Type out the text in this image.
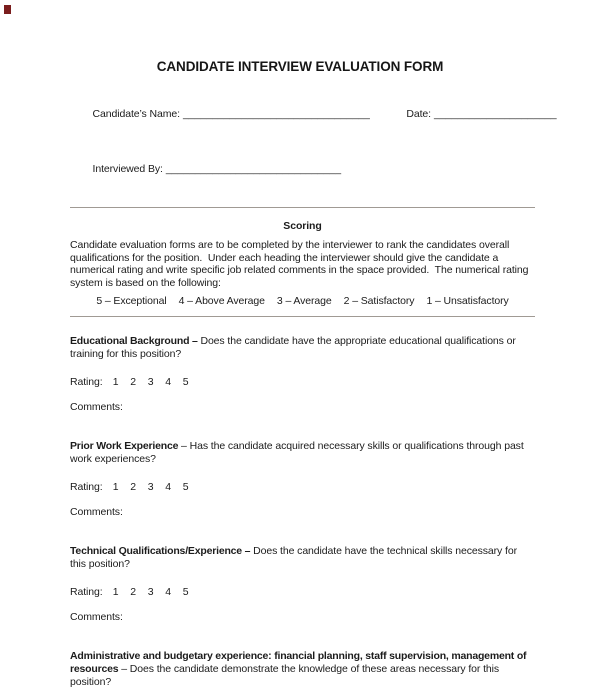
CANDIDATE INTERVIEW EVALUATION FORM

Candidate’s Name: ________________________________
	Date: _____________________

Interviewed By: ______________________________

Scoring

Candidate evaluation forms are to be completed by the interviewer to rank the candidates overall qualifications for the position.  Under each heading the interviewer should give the candidate a numerical rating and write specific job related comments in the space provided.  The numerical rating system is based on the following:

5 – Exceptional 4 – Above Average 3 – Average 2 – Satisfactory 1 – Unsatisfactory

Educational Background – Does the candidate have the appropriate educational qualifications or training for this position?

Rating: 1 2 3 4 5
Comments:

Prior Work Experience – Has the candidate acquired necessary skills or qualifications through past work experiences?

Rating: 1 2 3 4 5
Comments:

Technical Qualifications/Experience – Does the candidate have the technical skills necessary for this position?

Rating: 1 2 3 4 5
Comments:

Administrative and budgetary experience: financial planning, staff supervision, management of resources – Does the candidate demonstrate the knowledge of these areas necessary for this position?
